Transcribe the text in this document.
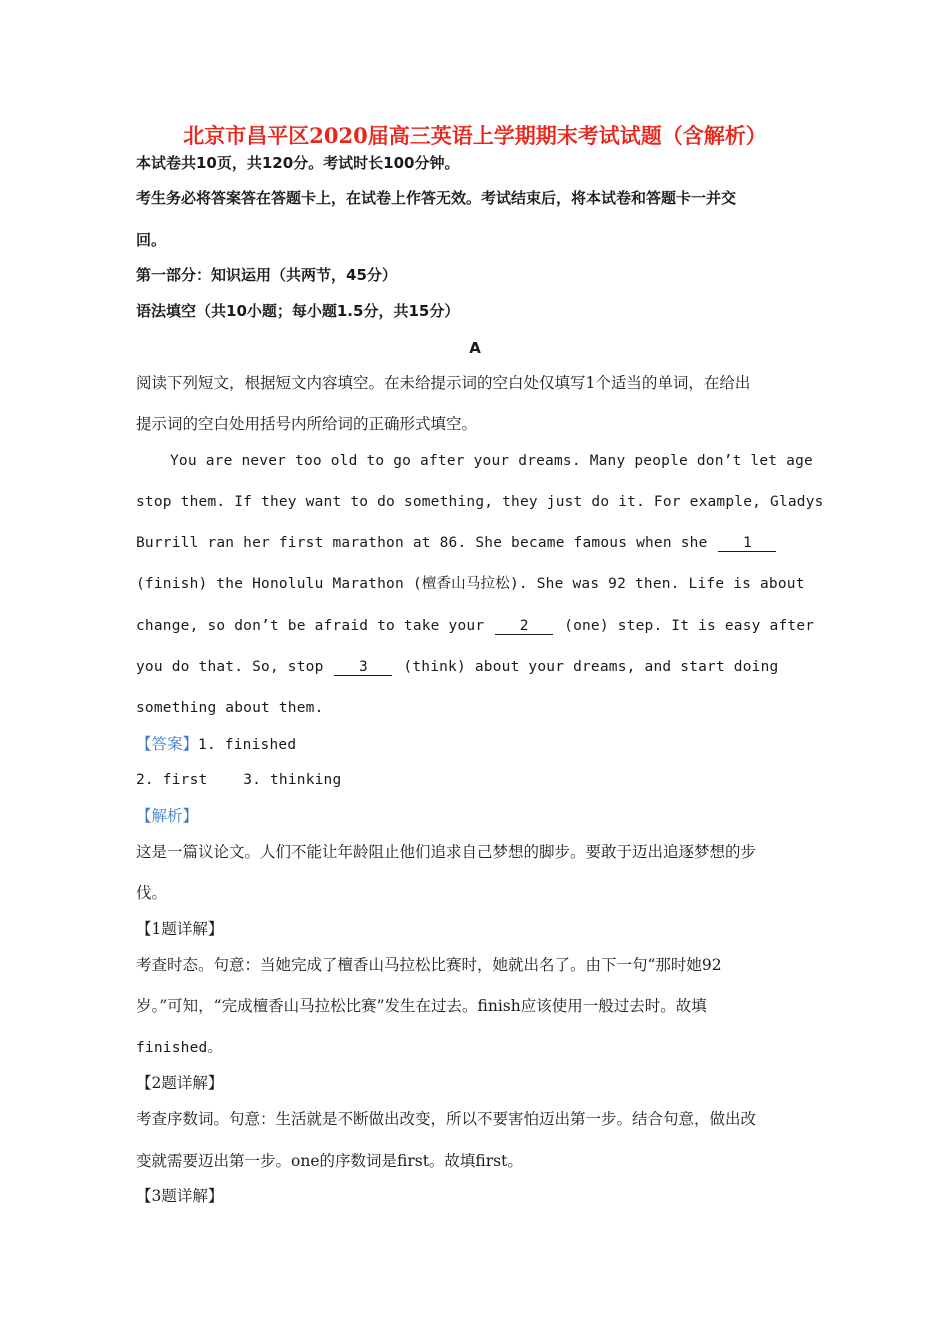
北京市昌平区2020届高三英语上学期期末考试试题（含解析）
本试卷共10页，共120分。考试时长100分钟。
考生务必将答案答在答题卡上，在试卷上作答无效。考试结束后，将本试卷和答题卡一并交
回。
第一部分：知识运用（共两节，45分）
语法填空（共10小题；每小题1.5分，共15分）
A
阅读下列短文，根据短文内容填空。在未给提示词的空白处仅填写1个适当的单词，在给出
提示词的空白处用括号内所给词的正确形式填空。
You are never too old to go after your dreams. Many people don’t let age
stop them. If they want to do something, they just do it. For example, Gladys
Burrill ran her first marathon at 86. She became famous when she 1
(finish) the Honolulu Marathon (檀香山马拉松). She was 92 then. Life is about
change, so don’t be afraid to take your 2 (one) step. It is easy after
you do that. So, stop 3 (think) about your dreams, and start doing
something about them.
【答案】1. finished
2. first 3. thinking
【解析】
这是一篇议论文。人们不能让年龄阻止他们追求自己梦想的脚步。要敢于迈出追逐梦想的步
伐。
【1题详解】
考查时态。句意：当她完成了檀香山马拉松比赛时，她就出名了。由下一句“那时她92
岁。”可知，“完成檀香山马拉松比赛”发生在过去。finish应该使用一般过去时。故填
finished。
【2题详解】
考查序数词。句意：生活就是不断做出改变，所以不要害怕迈出第一步。结合句意，做出改
变就需要迈出第一步。one的序数词是first。故填first。
【3题详解】
